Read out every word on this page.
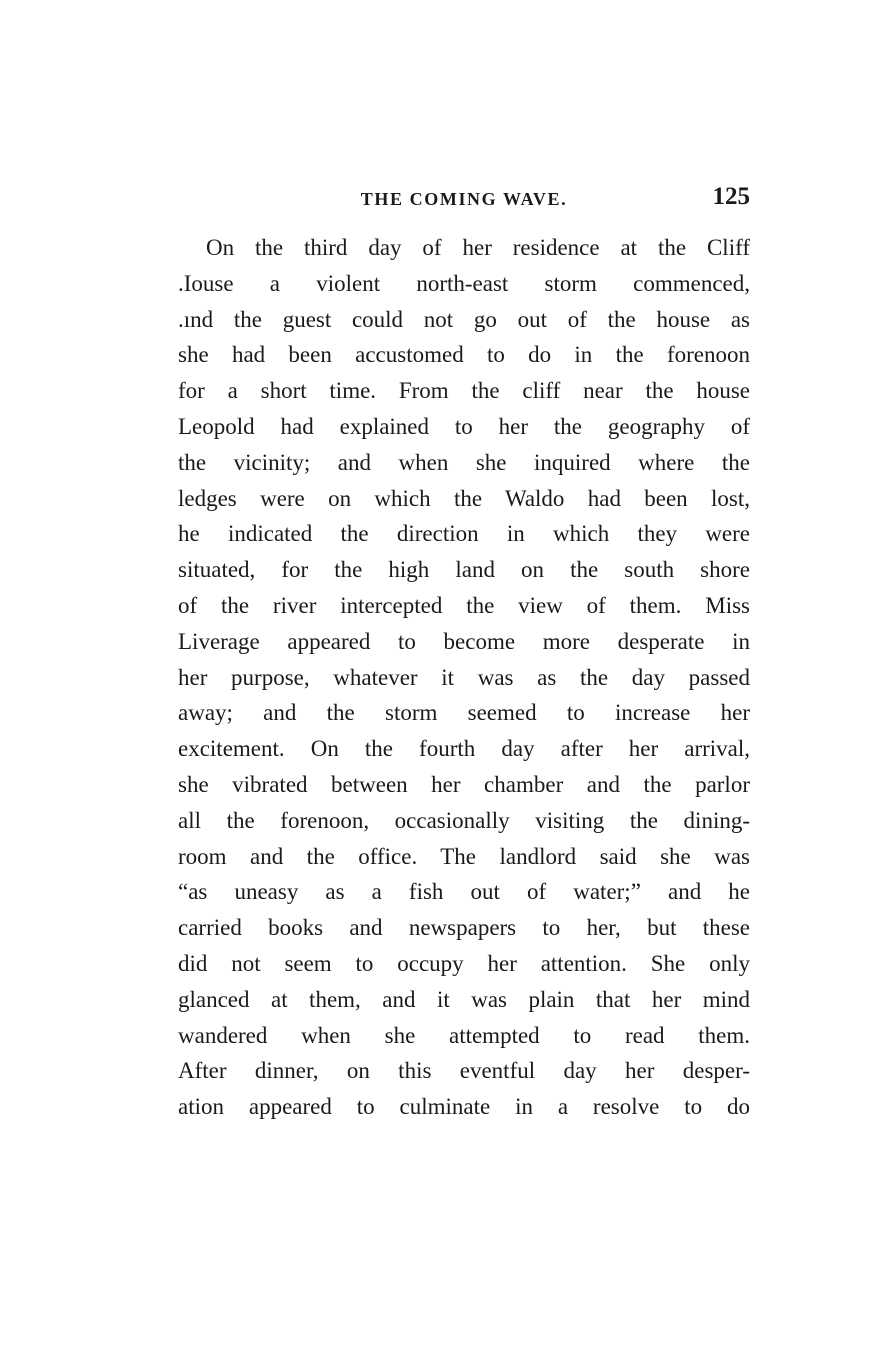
THE COMING WAVE.	125
On the third day of her residence at the Cliff
.Iouse a violent north-east storm commenced,
.ınd the guest could not go out of the house as
she had been accustomed to do in the forenoon
for a short time. From the cliff near the house
Leopold had explained to her the geography of
the vicinity; and when she inquired where the
ledges were on which the Waldo had been lost,
he indicated the direction in which they were
situated, for the high land on the south shore
of the river intercepted the view of them. Miss
Liverage appeared to become more desperate in
her purpose, whatever it was as the day passed
away; and the storm seemed to increase her
excitement. On the fourth day after her arrival,
she vibrated between her chamber and the parlor
all the forenoon, occasionally visiting the dining-
room and the office. The landlord said she was
“as uneasy as a fish out of water;” and he
carried books and newspapers to her, but these
did not seem to occupy her attention. She only
glanced at them, and it was plain that her mind
wandered when she attempted to read them.
After dinner, on this eventful day her desper-
ation appeared to culminate in a resolve to do
